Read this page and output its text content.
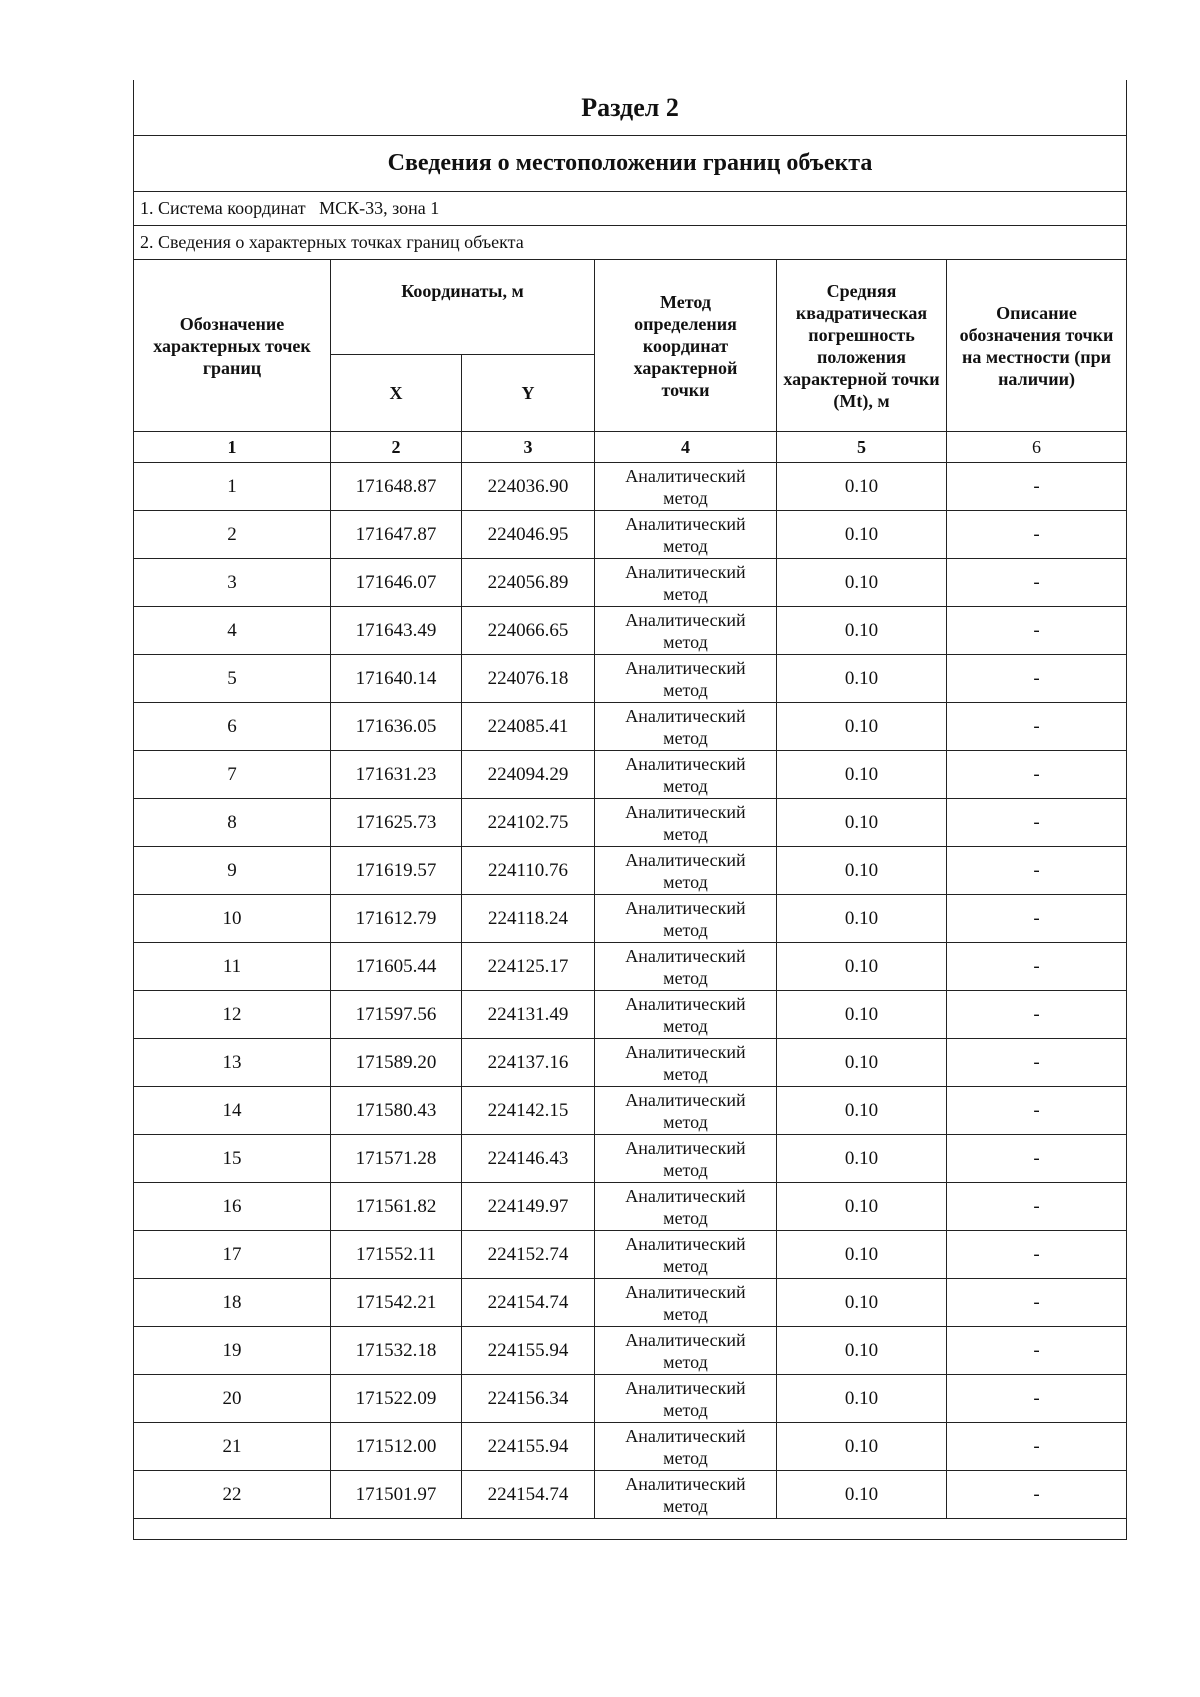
Раздел 2					
Сведения о местоположении границ объекта					
1. Система координат МСК-33, зона 1					
2. Сведения о характерных точках границ объекта					
Обозначение характерных точек границ	Координаты, м		Метод определения координат характерной точки	Средняя квадратическая погрешность положения характерной точки (Mt), м	Описание обозначения точки на местности (при наличии)
	X	Y			
1	2	3	4	5	6
1	171648.87	224036.90	Аналитический метод	0.10	-
2	171647.87	224046.95	Аналитический метод	0.10	-
3	171646.07	224056.89	Аналитический метод	0.10	-
4	171643.49	224066.65	Аналитический метод	0.10	-
5	171640.14	224076.18	Аналитический метод	0.10	-
6	171636.05	224085.41	Аналитический метод	0.10	-
7	171631.23	224094.29	Аналитический метод	0.10	-
8	171625.73	224102.75	Аналитический метод	0.10	-
9	171619.57	224110.76	Аналитический метод	0.10	-
10	171612.79	224118.24	Аналитический метод	0.10	-
11	171605.44	224125.17	Аналитический метод	0.10	-
12	171597.56	224131.49	Аналитический метод	0.10	-
13	171589.20	224137.16	Аналитический метод	0.10	-
14	171580.43	224142.15	Аналитический метод	0.10	-
15	171571.28	224146.43	Аналитический метод	0.10	-
16	171561.82	224149.97	Аналитический метод	0.10	-
17	171552.11	224152.74	Аналитический метод	0.10	-
18	171542.21	224154.74	Аналитический метод	0.10	-
19	171532.18	224155.94	Аналитический метод	0.10	-
20	171522.09	224156.34	Аналитический метод	0.10	-
21	171512.00	224155.94	Аналитический метод	0.10	-
22	171501.97	224154.74	Аналитический метод	0.10	-
